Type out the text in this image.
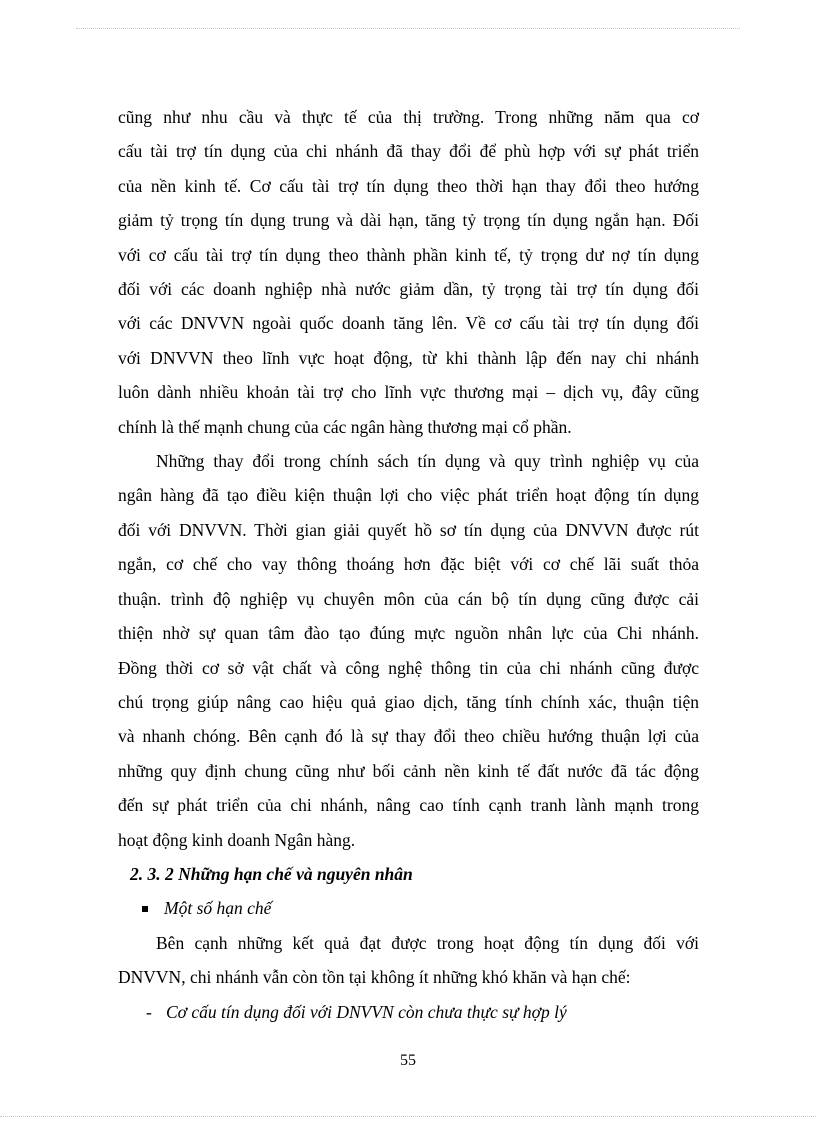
cũng như nhu cầu và thực tế của thị trường. Trong những năm qua cơ
cấu tài trợ tín dụng của chi nhánh đã thay đổi để phù hợp với sự phát triển
của nền kinh tế. Cơ cấu tài trợ tín dụng theo thời hạn thay đổi theo hướng
giảm tỷ trọng tín dụng trung và dài hạn, tăng tỷ trọng tín dụng ngắn hạn. Đối
với cơ cấu tài trợ tín dụng theo thành phần kinh tế, tỷ trọng dư nợ tín dụng
đối với các doanh nghiệp nhà nước giảm dần, tỷ trọng tài trợ tín dụng đối
với các DNVVN ngoài quốc doanh tăng lên. Về cơ cấu tài trợ tín dụng đối
với DNVVN theo lĩnh vực hoạt động, từ khi thành lập đến nay chi nhánh
luôn dành nhiều khoản tài trợ cho lĩnh vực thương mại – dịch vụ, đây cũng
chính là thế mạnh chung của các ngân hàng thương mại cổ phần.

Những thay đổi trong chính sách tín dụng và quy trình nghiệp vụ của
ngân hàng đã tạo điều kiện thuận lợi cho việc phát triển hoạt động tín dụng
đối với DNVVN. Thời gian giải quyết hồ sơ tín dụng của DNVVN được rút
ngắn, cơ chế cho vay thông thoáng hơn đặc biệt với cơ chế lãi suất thỏa
thuận. trình độ nghiệp vụ chuyên môn của cán bộ tín dụng cũng được cải
thiện nhờ sự quan tâm đào tạo đúng mực nguồn nhân lực của Chi nhánh.
Đồng thời cơ sở vật chất và công nghệ thông tin của chi nhánh cũng được
chú trọng giúp nâng cao hiệu quả giao dịch, tăng tính chính xác, thuận tiện
và nhanh chóng. Bên cạnh đó là sự thay đổi theo chiều hướng thuận lợi của
những quy định chung cũng như bối cảnh nền kinh tế đất nước đã tác động
đến sự phát triển của chi nhánh, nâng cao tính cạnh tranh lành mạnh trong
hoạt động kinh doanh Ngân hàng.

2. 3. 2 Những hạn chế và nguyên nhân

Một số hạn chế

Bên cạnh những kết quả đạt được trong hoạt động tín dụng đối với
DNVVN, chi nhánh vẫn còn tồn tại không ít những khó khăn và hạn chế:

- Cơ cấu tín dụng đối với DNVVN còn chưa thực sự hợp lý

55
